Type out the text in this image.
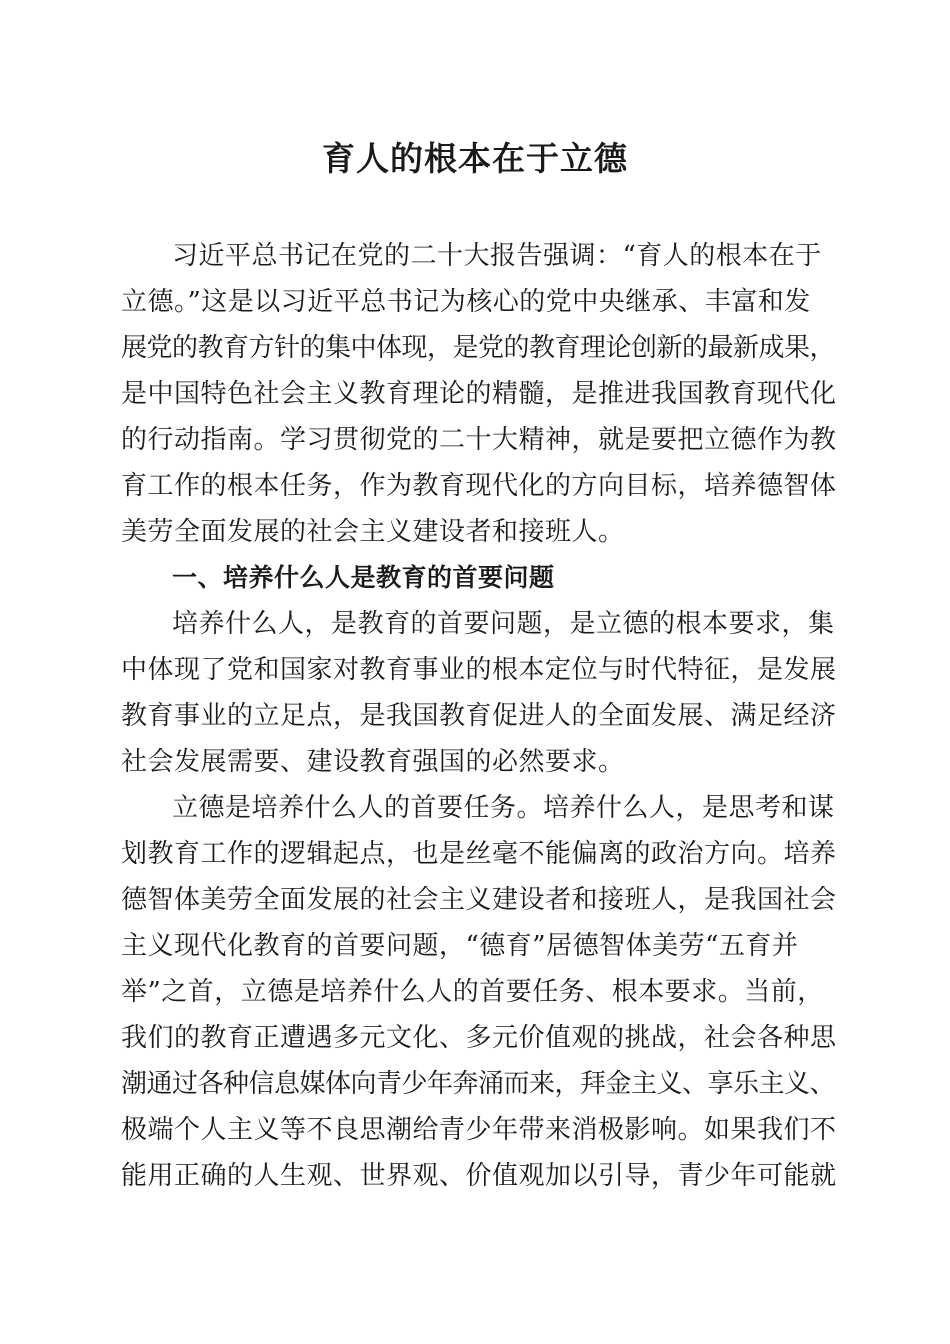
育人的根本在于立德
习近平总书记在党的二十大报告强调：“育人的根本在于
立德。”这是以习近平总书记为核心的党中央继承、丰富和发
展党的教育方针的集中体现，是党的教育理论创新的最新成果，
是中国特色社会主义教育理论的精髓，是推进我国教育现代化
的行动指南。学习贯彻党的二十大精神，就是要把立德作为教
育工作的根本任务，作为教育现代化的方向目标，培养德智体
美劳全面发展的社会主义建设者和接班人。
一、培养什么人是教育的首要问题
培养什么人，是教育的首要问题，是立德的根本要求，集
中体现了党和国家对教育事业的根本定位与时代特征，是发展
教育事业的立足点，是我国教育促进人的全面发展、满足经济
社会发展需要、建设教育强国的必然要求。
立德是培养什么人的首要任务。培养什么人，是思考和谋
划教育工作的逻辑起点，也是丝毫不能偏离的政治方向。培养
德智体美劳全面发展的社会主义建设者和接班人，是我国社会
主义现代化教育的首要问题，“德育”居德智体美劳“五育并
举”之首，立德是培养什么人的首要任务、根本要求。当前，
我们的教育正遭遇多元文化、多元价值观的挑战，社会各种思
潮通过各种信息媒体向青少年奔涌而来，拜金主义、享乐主义、
极端个人主义等不良思潮给青少年带来消极影响。如果我们不
能用正确的人生观、世界观、价值观加以引导，青少年可能就
